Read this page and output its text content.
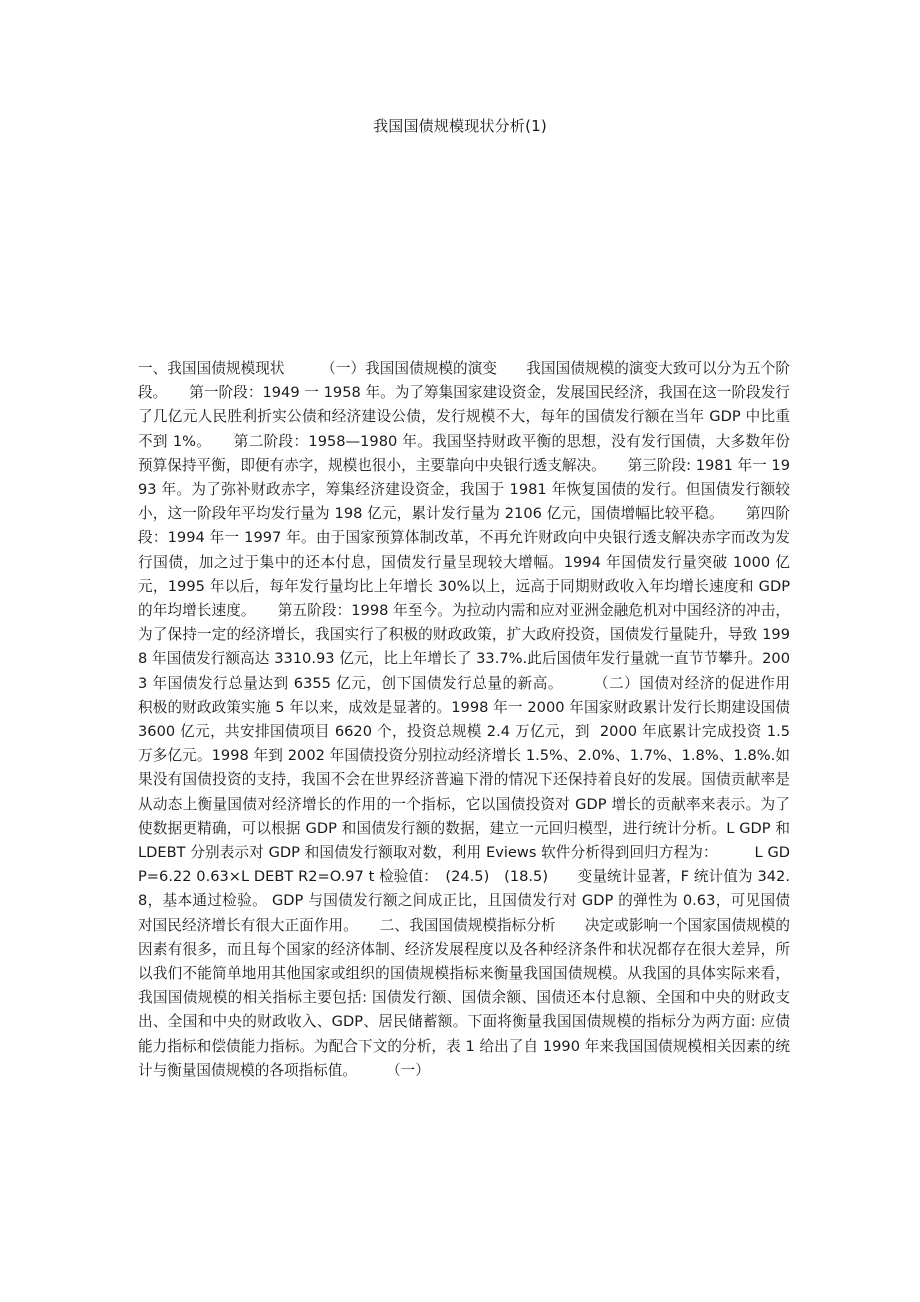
我国国债规模现状分析(1)

一、我国国债规模现状　　　（一）我国国债规模的演变　　我国国债规模的演变大致可以分为五个阶段。　　第一阶段：1949 一 1958 年。为了筹集国家建设资金，发展国民经济，我国在这一阶段发行了几亿元人民胜利折实公债和经济建设公债，发行规模不大，每年的国债发行额在当年 GDP 中比重不到 1%。　　第二阶段：1958—1980 年。我国坚持财政平衡的思想，没有发行国债，大多数年份预算保持平衡，即便有赤字，规模也很小，主要靠向中央银行透支解决。　　第三阶段: 1981 年一 1993 年。为了弥补财政赤字，筹集经济建设资金，我国于 1981 年恢复国债的发行。但国债发行额较小，这一阶段年平均发行量为 198 亿元，累计发行量为 2106 亿元，国债增幅比较平稳。　　第四阶段：1994 年一 1997 年。由于国家预算体制改革，不再允许财政向中央银行透支解决赤字而改为发行国债，加之过于集中的还本付息，国债发行量呈现较大增幅。1994 年国债发行量突破 1000 亿元，1995 年以后，每年发行量均比上年增长 30%以上，远高于同期财政收入年均增长速度和 GDP 的年均增长速度。　　第五阶段：1998 年至今。为拉动内需和应对亚洲金融危机对中国经济的冲击，为了保持一定的经济增长，我国实行了积极的财政政策，扩大政府投资，国债发行量陡升，导致 1998 年国债发行额高达 3310.93 亿元，比上年增长了 33.7%.此后国债年发行量就一直节节攀升。2003 年国债发行总量达到 6355 亿元，创下国债发行总量的新高。　　　（二）国债对经济的促进作用　　积极的财政政策实施 5 年以来，成效是显著的。1998 年一 2000 年国家财政累计发行长期建设国债 3600 亿元，共安排国债项目 6620 个，投资总规模 2.4 万亿元，到  2000 年底累计完成投资 1.5 万多亿元。1998 年到 2002 年国债投资分别拉动经济增长 1.5%、2.0%、1.7%、1.8%、1.8%.如果没有国债投资的支持，我国不会在世界经济普遍下滑的情况下还保持着良好的发展。国债贡献率是从动态上衡量国债对经济增长的作用的一个指标，它以国债投资对 GDP 增长的贡献率来表示。为了使数据更精确，可以根据 GDP 和国债发行额的数据，建立一元回归模型，进行统计分析。L GDP 和 LDEBT 分别表示对 GDP 和国债发行额取对数，利用 Eviews 软件分析得到回归方程为：　　　L GDP=6.22 0.63×L DEBT R2=O.97 t 检验值：　(24.5)　(18.5)　　变量统计显著，F 统计值为 342.8，基本通过检验。 GDP 与国债发行额之间成正比，且国债发行对 GDP 的弹性为 0.63，可见国债对国民经济增长有很大正面作用。　　二、我国国债规模指标分析　　决定或影响一个国家国债规模的因素有很多，而且每个国家的经济体制、经济发展程度以及各种经济条件和状况都存在很大差异，所以我们不能简单地用其他国家或组织的国债规模指标来衡量我国国债规模。从我国的具体实际来看，我国国债规模的相关指标主要包括: 国债发行额、国债余额、国债还本付息额、全国和中央的财政支出、全国和中央的财政收入、GDP、居民储蓄额。下面将衡量我国国债规模的指标分为两方面: 应债能力指标和偿债能力指标。为配合下文的分析，表 1 给出了自 1990 年来我国国债规模相关因素的统计与衡量国债规模的各项指标值。　　　（一）
